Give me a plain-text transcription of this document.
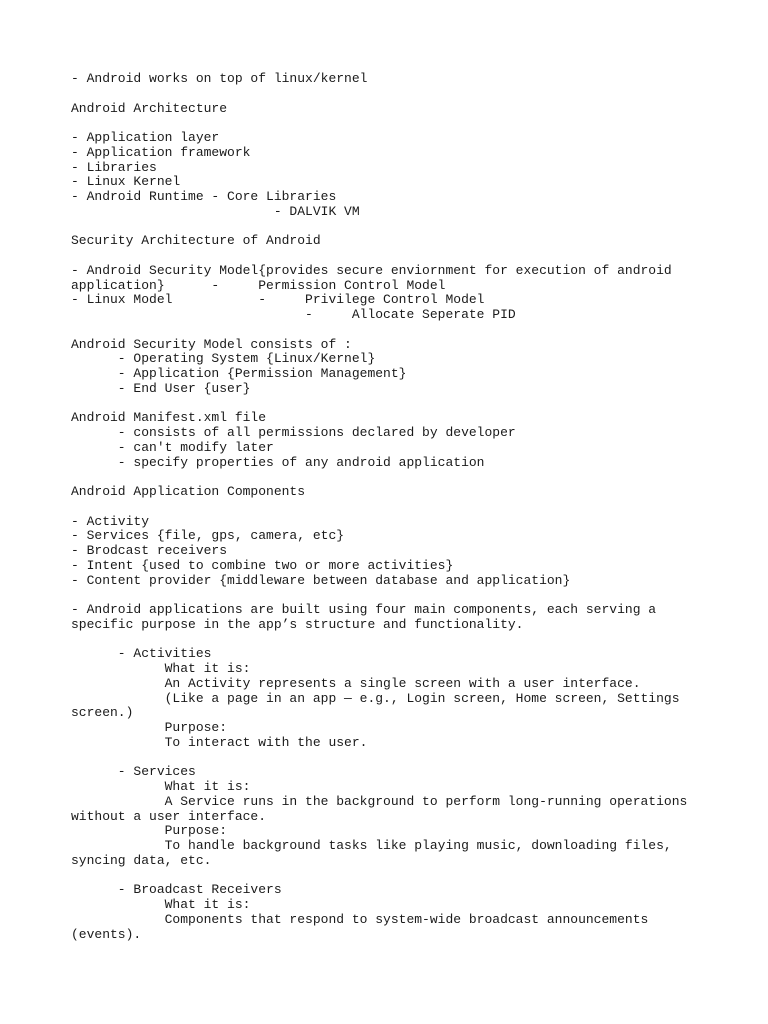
- Android works on top of linux/kernel
Android Architecture
- Application layer
- Application framework
- Libraries
- Linux Kernel
- Android Runtime - Core Libraries
- DALVIK VM
Security Architecture of Android
- Android Security Model{provides secure enviornment for execution of android
application}      -     Permission Control Model
- Linux Model           -     Privilege Control Model
-     Allocate Seperate PID
Android Security Model consists of :
- Operating System {Linux/Kernel}
- Application {Permission Management}
- End User {user}
Android Manifest.xml file
- consists of all permissions declared by developer
- can't modify later
- specify properties of any android application
Android Application Components
- Activity
- Services {file, gps, camera, etc}
- Brodcast receivers
- Intent {used to combine two or more activities}
- Content provider {middleware between database and application}
- Android applications are built using four main components, each serving a
specific purpose in the app’s structure and functionality.
- Activities
What it is:
An Activity represents a single screen with a user interface.
(Like a page in an app — e.g., Login screen, Home screen, Settings
screen.)
Purpose:
To interact with the user.
- Services
What it is:
A Service runs in the background to perform long-running operations
without a user interface.
Purpose:
To handle background tasks like playing music, downloading files,
syncing data, etc.
- Broadcast Receivers
What it is:
Components that respond to system-wide broadcast announcements
(events).
